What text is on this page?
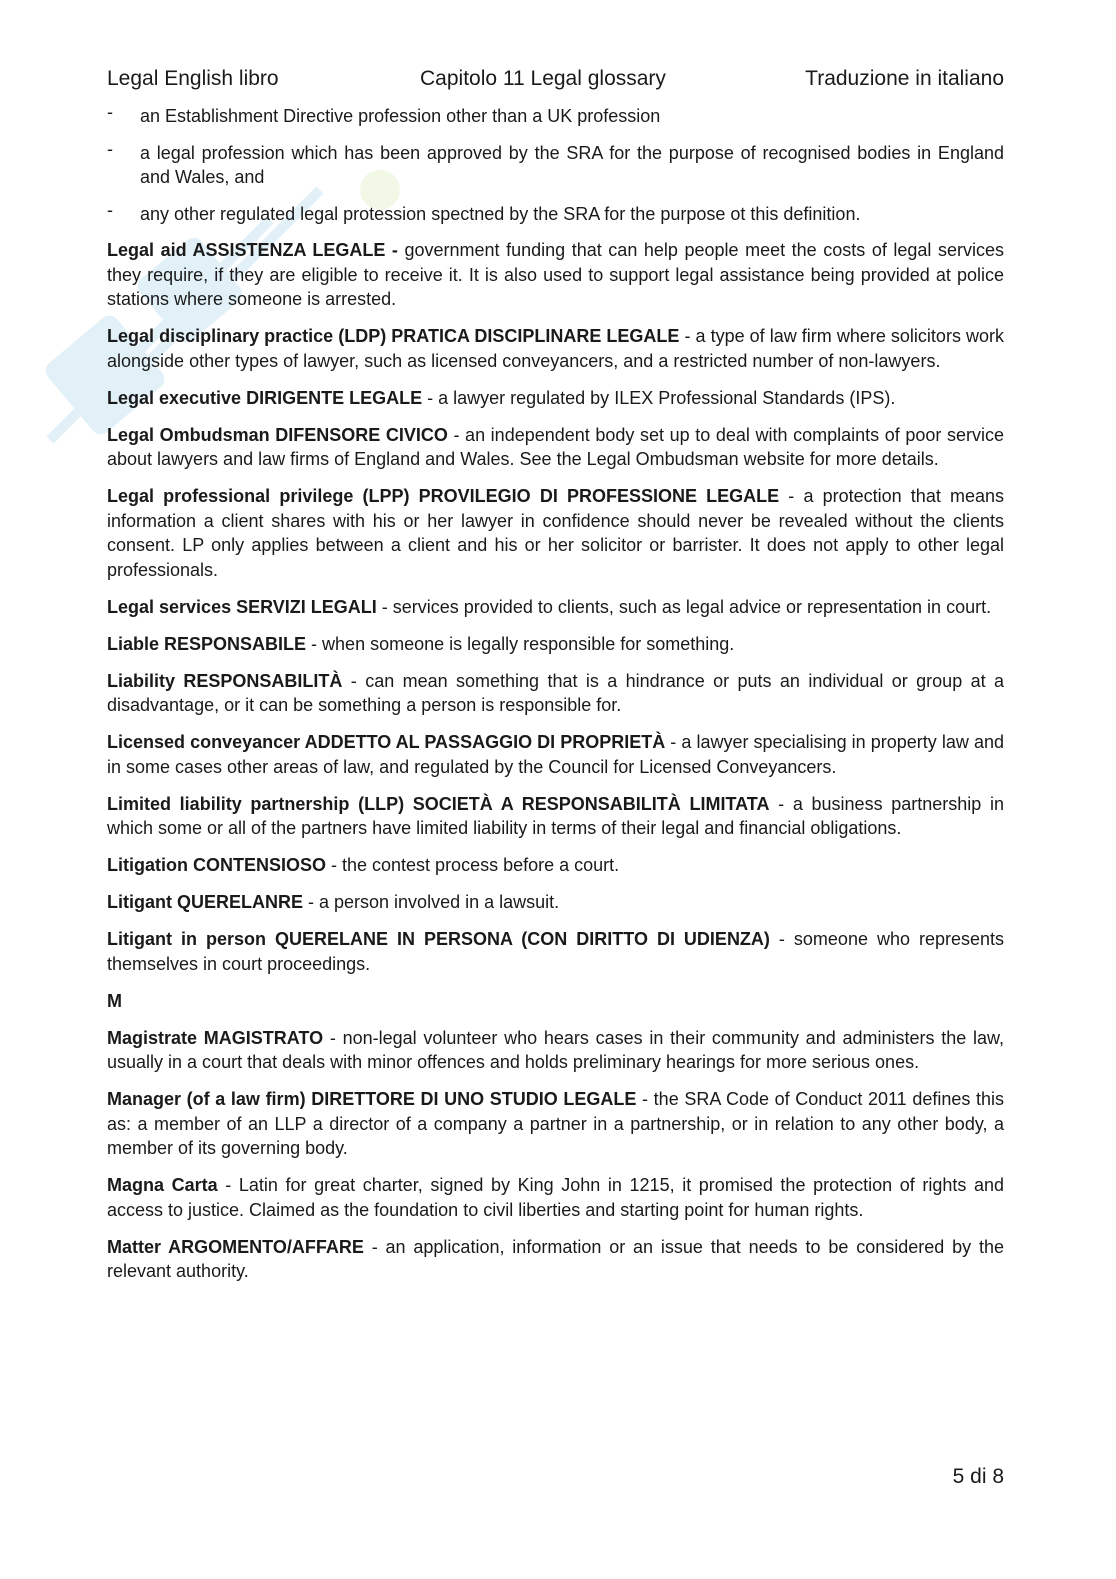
Legal English libro	Capitolo 11 Legal glossary	Traduzione in italiano
- an Establishment Directive profession other than a UK profession
- a legal profession which has been approved by the SRA for the purpose of recognised bodies in England and Wales, and
- any other regulated legal protession spectned by the SRA for the purpose ot this definition.

Legal aid ASSISTENZA LEGALE - government funding that can help people meet the costs of legal services they require, if they are eligible to receive it. It is also used to support legal assistance being provided at police stations where someone is arrested.

Legal disciplinary practice (LDP) PRATICA DISCIPLINARE LEGALE - a type of law firm where solicitors work alongside other types of lawyer, such as licensed conveyancers, and a restricted number of non-lawyers.

Legal executive DIRIGENTE LEGALE - a lawyer regulated by ILEX Professional Standards (IPS).

Legal Ombudsman DIFENSORE CIVICO - an independent body set up to deal with complaints of poor service about lawyers and law firms of England and Wales. See the Legal Ombudsman website for more details.

Legal professional privilege (LPP) PROVILEGIO DI PROFESSIONE LEGALE - a protection that means information a client shares with his or her lawyer in confidence should never be revealed without the clients consent. LP only applies between a client and his or her solicitor or barrister. It does not apply to other legal professionals.

Legal services SERVIZI LEGALI - services provided to clients, such as legal advice or representation in court.

Liable RESPONSABILE - when someone is legally responsible for something.

Liability RESPONSABILITÀ - can mean something that is a hindrance or puts an individual or group at a disadvantage, or it can be something a person is responsible for.

Licensed conveyancer ADDETTO AL PASSAGGIO DI PROPRIETÀ - a lawyer specialising in property law and in some cases other areas of law, and regulated by the Council for Licensed Conveyancers.

Limited liability partnership (LLP) SOCIETÀ A RESPONSABILITÀ LIMITATA - a business partnership in which some or all of the partners have limited liability in terms of their legal and financial obligations.

Litigation CONTENSIOSO - the contest process before a court.

Litigant QUERELANRE - a person involved in a lawsuit.

Litigant in person QUERELANE IN PERSONA (CON DIRITTO DI UDIENZA) - someone who represents themselves in court proceedings.

M

Magistrate MAGISTRATO - non-legal volunteer who hears cases in their community and administers the law, usually in a court that deals with minor offences and holds preliminary hearings for more serious ones.

Manager (of a law firm) DIRETTORE DI UNO STUDIO LEGALE - the SRA Code of Conduct 2011 defines this as: a member of an LLP a director of a company a partner in a partnership, or in relation to any other body, a member of its governing body.

Magna Carta - Latin for great charter, signed by King John in 1215, it promised the protection of rights and access to justice. Claimed as the foundation to civil liberties and starting point for human rights.

Matter ARGOMENTO/AFFARE - an application, information or an issue that needs to be considered by the relevant authority.

5 di 8
